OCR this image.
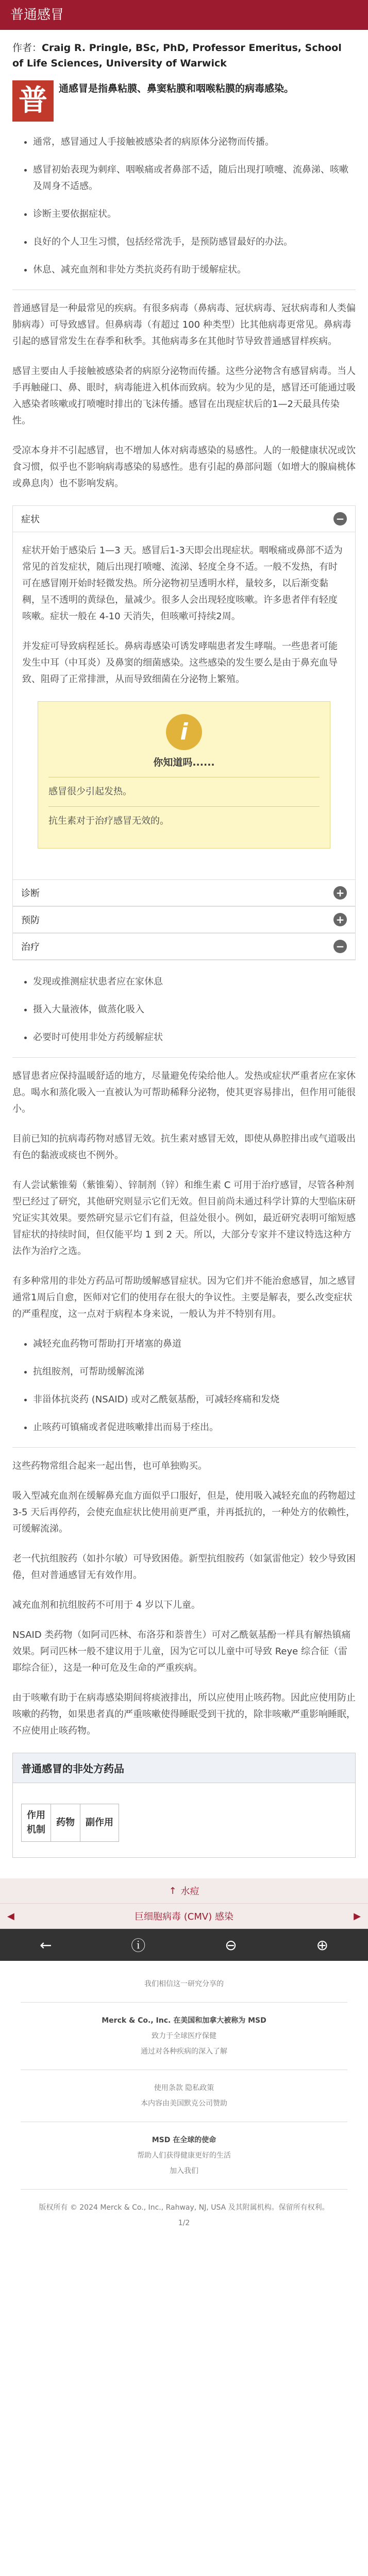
普通感冒
作者：Craig R. Pringle, BSc, PhD, Professor Emeritus, School of Life Sciences, University of Warwick
普	通感冒是指鼻粘膜、鼻窦粘膜和咽喉粘膜的病毒感染。

• 通常，感冒通过人手接触被感染者的病原体分泌物而传播。
• 感冒初始表现为刺痒、咽喉痛或者鼻部不适，随后出现打喷嚏、流鼻涕、咳嗽及周身不适感。
• 诊断主要依据症状。
• 良好的个人卫生习惯，包括经常洗手，是预防感冒最好的办法。
• 休息、减充血剂和非处方类抗炎药有助于缓解症状。

普通感冒是一种最常见的疾病。有很多病毒（鼻病毒、冠状病毒、冠状病毒和人类偏肺病毒）可导致感冒。但鼻病毒（有超过 100 种类型）比其他病毒更常见。鼻病毒引起的感冒常发生在春季和秋季。其他病毒多在其他时节导致普通感冒样疾病。

感冒主要由人手接触被感染者的病原分泌物而传播。这些分泌物含有感冒病毒。当人手再触碰口、鼻、眼时，病毒能进入机体而致病。较为少见的是，感冒还可能通过吸入感染者咳嗽或打喷嚏时排出的飞沫传播。感冒在出现症状后的1—2天最具传染性。

受凉本身并不引起感冒，也不增加人体对病毒感染的易感性。人的一般健康状况或饮食习惯，似乎也不影响病毒感染的易感性。患有引起的鼻部问题（如增大的腺扁桃体或鼻息肉）也不影响发病。

症状	−

症状开始于感染后 1—3 天。感冒后1-3天即会出现症状。咽喉痛或鼻部不适为常见的首发症状，随后出现打喷嚏、流涕、轻度全身不适。一般不发热，有时可在感冒刚开始时轻微发热。所分泌物初呈透明水样，量较多，以后渐变黏稠，呈不透明的黄绿色，量减少。很多人会出现轻度咳嗽。许多患者伴有轻度咳嗽。症状一般在 4-10 天消失，但咳嗽可持续2周。

并发症可导致病程延长。鼻病毒感染可诱发哮喘患者发生哮喘。一些患者可能发生中耳（中耳炎）及鼻窦的细菌感染。这些感染的发生要么是由于鼻充血导致、阻碍了正常排泄，从而导致细菌在分泌物上繁殖。

i
你知道吗......
感冒很少引起发热。
抗生素对于治疗感冒无效的。
诊断	+
预防	+
治疗	−
• 发现或推测症状患者应在家休息
• 摄入大量液体，做蒸化吸入
• 必要时可使用非处方药缓解症状

感冒患者应保持温暖舒适的地方，尽量避免传染给他人。发热或症状严重者应在家休息。喝水和蒸化吸入一直被认为可帮助稀释分泌物，使其更容易排出，但作用可能很小。

目前已知的抗病毒药物对感冒无效。抗生素对感冒无效，即使从鼻腔排出或气道吸出有色的黏液或痰也不例外。

有人尝试紫锥菊（紫锥菊）、锌制剂（锌）和维生素 C 可用于治疗感冒，尽管各种剂型已经过了研究，其他研究则显示它们无效。但目前尚未通过科学计算的大型临床研究证实其效果。要然研究显示它们有益，但益处很小。例如，最近研究表明可缩短感冒症状的持续时间，但仅能平均 1 到 2 天。所以，大部分专家并不建议特选这种方法作为治疗之选。

有多种常用的非处方药品可帮助缓解感冒症状。因为它们并不能治愈感冒，加之感冒通常1周后自愈，医师对它们的使用存在很大的争议性。主要是解表，要么改变症状的严重程度，这一点对于病程本身来说，一般认为并不特别有用。

• 减轻充血药物可帮助打开堵塞的鼻道
• 抗组胺剂，可帮助缓解流涕
• 非甾体抗炎药 (NSAID) 或对乙酰氨基酚，可减轻疼痛和发烧
• 止咳药可镇痛或者促进咳嗽排出而易于痊出。

这些药物常组合起来一起出售，也可单独购买。

吸入型减充血剂在缓解鼻充血方面似乎口服好，但是，使用吸入减轻充血的药物超过 3-5 天后再停药，会使充血症状比使用前更严重，并再抵抗的，一种处方的依赖性，可缓解流涕。

老一代抗组胺药（如扑尔敏）可导致困倦。新型抗组胺药（如氯雷他定）较少导致困倦，但对普通感冒无有效作用。

减充血剂和抗组胺药不可用于 4 岁以下儿童。

NSAID 类药物（如阿司匹林、布洛芬和萘普生）可对乙酰氨基酚一样具有解热镇痛效果。阿司匹林一般不建议用于儿童，因为它可以儿童中可导致 Reye 综合征（雷耶综合征），这是一种可危及生命的严重疾病。

由于咳嗽有助于在病毒感染期间将痰液排出，所以应使用止咳药物。因此应使用防止咳嗽的药物，如果患者真的严重咳嗽使得睡眠受到干扰的，除非咳嗽严重影响睡眠，不应使用止咳药物。

普通感冒的非处方药品
作用
机制	药物	副作用
↑ 水痘
◀	巨细胞病毒 (CMV) 感染	▶
←	ⓘ	⊖	⊕
我们相信这一研究分享的
Merck & Co., Inc. 在美国和加拿大被称为 MSD
致力于全球医疗保健
通过对各种疾病的深入了解
使用条款 隐私政策
本内容由美国默克公司赞助
MSD 在全球的使命
帮助人们获得健康更好的生活
加入我们
版权所有 © 2024 Merck & Co., Inc., Rahway, NJ, USA 及其附属机构。保留所有权利。
1/2
